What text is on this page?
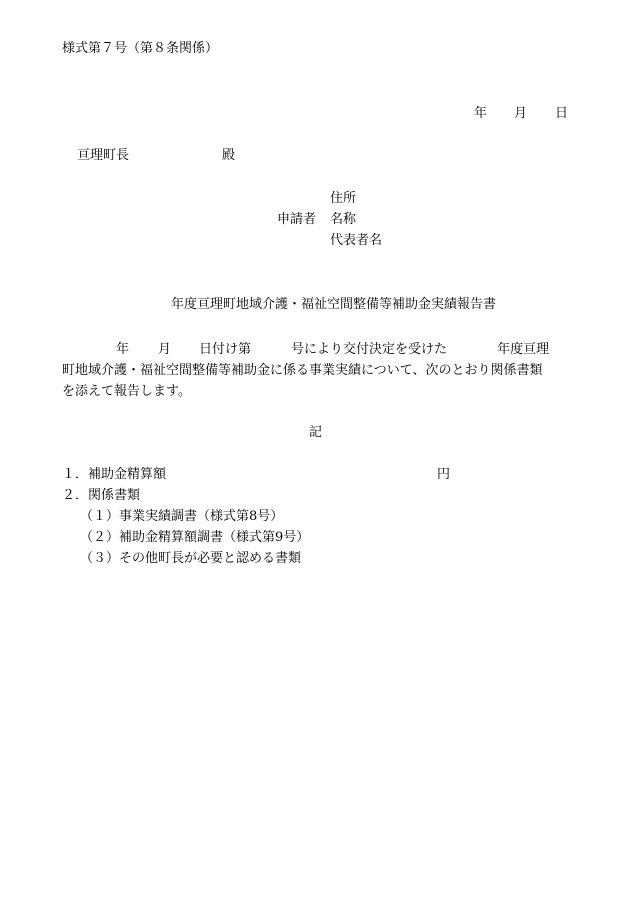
様式第７号（第８条関係）
年 月 日
亘理町長	殿
住所
申請者 名称
代表者名
年度亘理町地域介護・福祉空間整備等補助金実績報告書
年 月 日付け第	号により交付決定を受けた	年度亘理
町地域介護・福祉空間整備等補助金に係る事業実績について、次のとおり関係書類
を添えて報告します。
記
１．補助金精算額	円
２．関係書類
（１）事業実績調書（様式第8号）
（２）補助金精算額調書（様式第9号）
（３）その他町長が必要と認める書類
